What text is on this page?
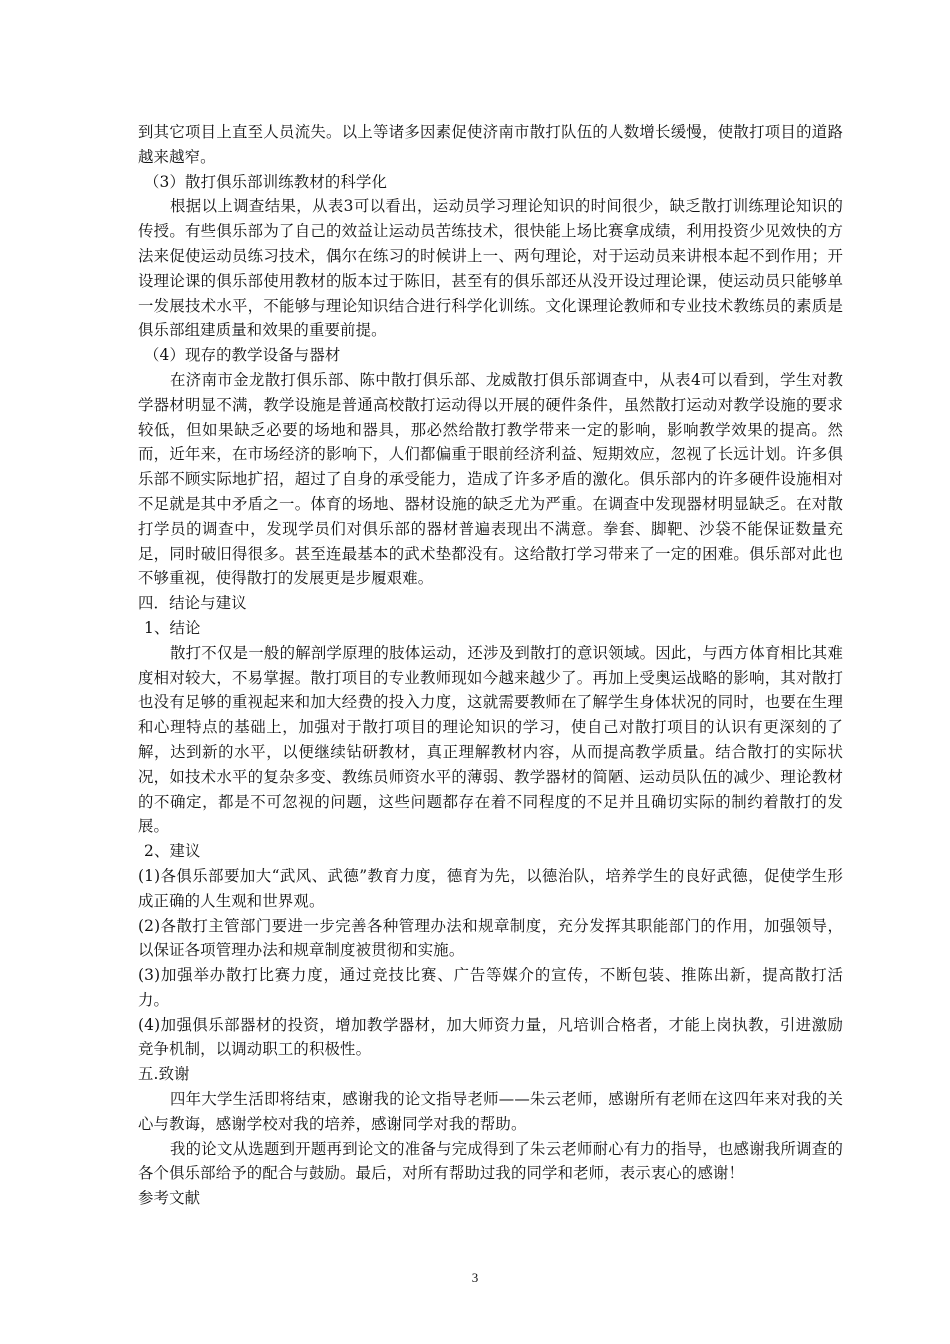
到其它项目上直至人员流失。以上等诸多因素促使济南市散打队伍的人数增长缓慢，使散打项目的道路越来越窄。

（3）散打俱乐部训练教材的科学化

根据以上调查结果，从表3可以看出，运动员学习理论知识的时间很少，缺乏散打训练理论知识的传授。有些俱乐部为了自己的效益让运动员苦练技术，很快能上场比赛拿成绩，利用投资少见效快的方法来促使运动员练习技术，偶尔在练习的时候讲上一、两句理论，对于运动员来讲根本起不到作用；开设理论课的俱乐部使用教材的版本过于陈旧，甚至有的俱乐部还从没开设过理论课，使运动员只能够单一发展技术水平，不能够与理论知识结合进行科学化训练。文化课理论教师和专业技术教练员的素质是俱乐部组建质量和效果的重要前提。

（4）现存的教学设备与器材

在济南市金龙散打俱乐部、陈中散打俱乐部、龙威散打俱乐部调查中，从表4可以看到，学生对教学器材明显不满，教学设施是普通高校散打运动得以开展的硬件条件，虽然散打运动对教学设施的要求较低，但如果缺乏必要的场地和器具，那必然给散打教学带来一定的影响，影响教学效果的提高。然而，近年来，在市场经济的影响下，人们都偏重于眼前经济利益、短期效应，忽视了长远计划。许多俱乐部不顾实际地扩招，超过了自身的承受能力，造成了许多矛盾的激化。俱乐部内的许多硬件设施相对不足就是其中矛盾之一。体育的场地、器材设施的缺乏尤为严重。在调查中发现器材明显缺乏。在对散打学员的调查中，发现学员们对俱乐部的器材普遍表现出不满意。拳套、脚靶、沙袋不能保证数量充足，同时破旧得很多。甚至连最基本的武术垫都没有。这给散打学习带来了一定的困难。俱乐部对此也不够重视，使得散打的发展更是步履艰难。

四．结论与建议

1、结论

散打不仅是一般的解剖学原理的肢体运动，还涉及到散打的意识领域。因此，与西方体育相比其难度相对较大，不易掌握。散打项目的专业教师现如今越来越少了。再加上受奥运战略的影响，其对散打也没有足够的重视起来和加大经费的投入力度，这就需要教师在了解学生身体状况的同时，也要在生理和心理特点的基础上，加强对于散打项目的理论知识的学习，使自己对散打项目的认识有更深刻的了解，达到新的水平，以便继续钻研教材，真正理解教材内容，从而提高教学质量。结合散打的实际状况，如技术水平的复杂多变、教练员师资水平的薄弱、教学器材的简陋、运动员队伍的减少、理论教材的不确定，都是不可忽视的问题，这些问题都存在着不同程度的不足并且确切实际的制约着散打的发展。

2、建议

(1)各俱乐部要加大“武风、武德”教育力度，德育为先，以德治队，培养学生的良好武德，促使学生形成正确的人生观和世界观。

(2)各散打主管部门要进一步完善各种管理办法和规章制度，充分发挥其职能部门的作用，加强领导，以保证各项管理办法和规章制度被贯彻和实施。

(3)加强举办散打比赛力度，通过竞技比赛、广告等媒介的宣传，不断包装、推陈出新，提高散打活力。

(4)加强俱乐部器材的投资，增加教学器材，加大师资力量，凡培训合格者，才能上岗执教，引进激励竞争机制，以调动职工的积极性。

五.致谢

四年大学生活即将结束，感谢我的论文指导老师——朱云老师，感谢所有老师在这四年来对我的关心与教诲，感谢学校对我的培养，感谢同学对我的帮助。

我的论文从选题到开题再到论文的准备与完成得到了朱云老师耐心有力的指导，也感谢我所调查的各个俱乐部给予的配合与鼓励。最后，对所有帮助过我的同学和老师，表示衷心的感谢！

参考文献

3
